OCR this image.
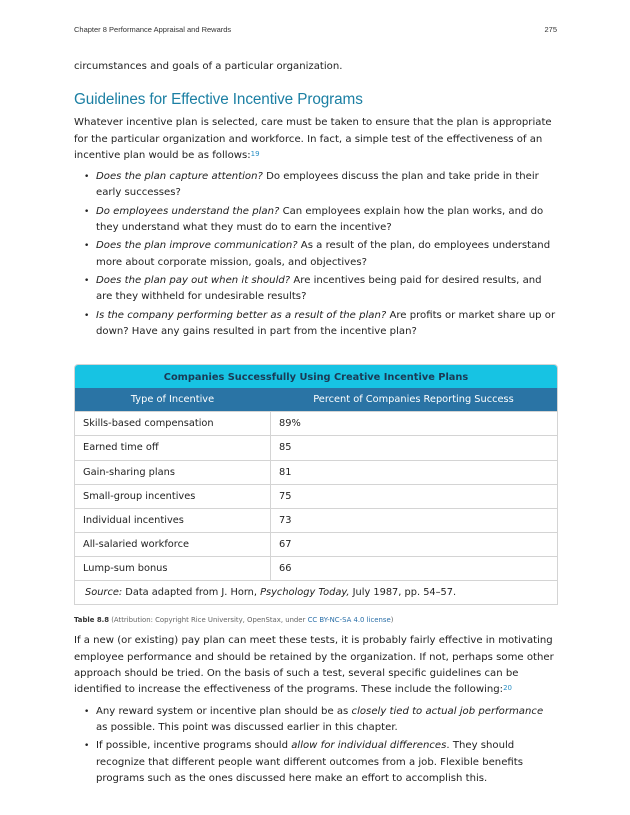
Chapter 8 Performance Appraisal and Rewards	275

circumstances and goals of a particular organization.

Guidelines for Effective Incentive Programs

Whatever incentive plan is selected, care must be taken to ensure that the plan is appropriate for the particular organization and workforce. In fact, a simple test of the effectiveness of an incentive plan would be as follows:$^{19}$

• Does the plan capture attention? Do employees discuss the plan and take pride in their early successes?
• Do employees understand the plan? Can employees explain how the plan works, and do they understand what they must do to earn the incentive?
• Does the plan improve communication? As a result of the plan, do employees understand more about corporate mission, goals, and objectives?
• Does the plan pay out when it should? Are incentives being paid for desired results, and are they withheld for undesirable results?
• Is the company performing better as a result of the plan? Are profits or market share up or down? Have any gains resulted in part from the incentive plan?
Companies Successfully Using Creative Incentive Plans
Type of Incentive	Percent of Companies Reporting Success
Skills-based compensation	89%
Earned time off	85
Gain-sharing plans	81
Small-group incentives	75
Individual incentives	73
All-salaried workforce	67
Lump-sum bonus	66
Source: Data adapted from J. Horn, Psychology Today, July 1987, pp. 54–57.
Table 8.8 (Attribution: Copyright Rice University, OpenStax, under CC BY-NC-SA 4.0 license)

If a new (or existing) pay plan can meet these tests, it is probably fairly effective in motivating employee performance and should be retained by the organization. If not, perhaps some other approach should be tried. On the basis of such a test, several specific guidelines can be identified to increase the effectiveness of the programs. These include the following:$^{20}$

• Any reward system or incentive plan should be as closely tied to actual job performance as possible. This point was discussed earlier in this chapter.
• If possible, incentive programs should allow for individual differences. They should recognize that different people want different outcomes from a job. Flexible benefits programs such as the ones discussed here make an effort to accomplish this.
